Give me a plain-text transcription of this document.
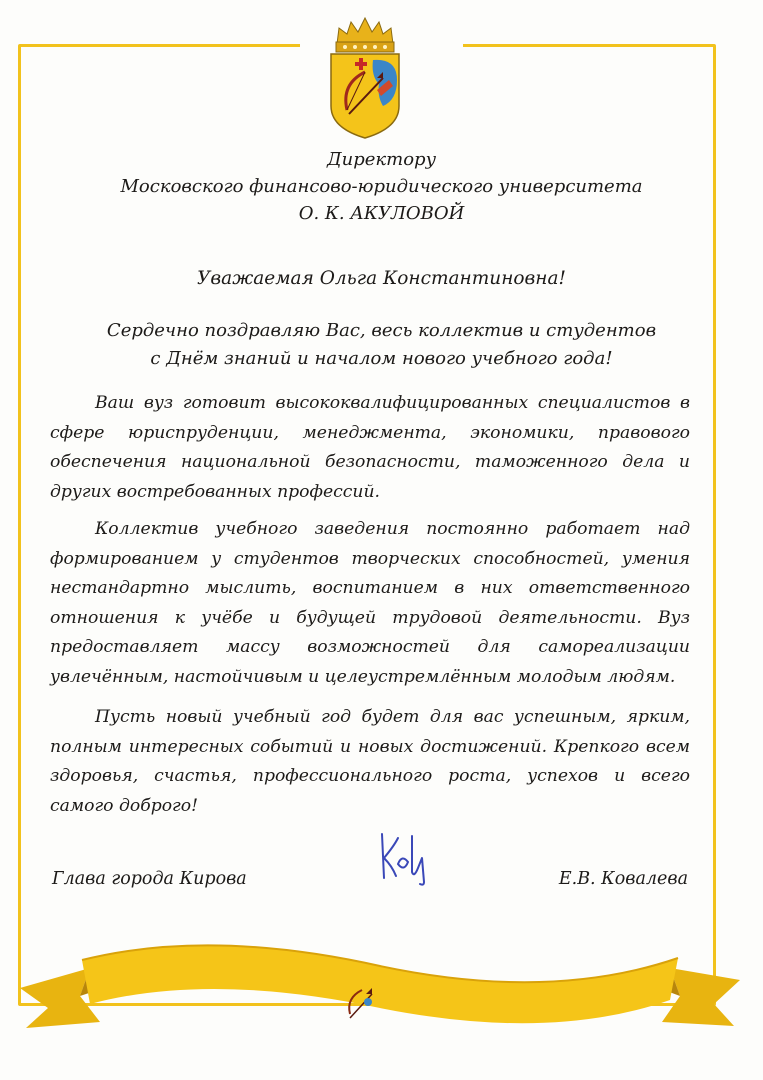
Директору
Московского финансово-юридического университета
О. К. АКУЛОВОЙ
Уважаемая Ольга Константиновна!
Сердечно поздравляю Вас, весь коллектив и студентов
с Днём знаний и началом нового учебного года!
Ваш вуз готовит высококвалифицированных специалистов в сфере юриспруденции, менеджмента, экономики, правового обеспечения национальной безопасности, таможенного дела и других востребованных профессий.
Коллектив учебного заведения постоянно работает над формированием у студентов творческих способностей, умения нестандартно мыслить, воспитанием в них ответственного отношения к учёбе и будущей трудовой деятельности. Вуз предоставляет массу возможностей для самореализации увлечённым, настойчивым и целеустремлённым молодым людям.
Пусть новый учебный год будет для вас успешным, ярким, полным интересных событий и новых достижений. Крепкого всем здоровья, счастья, профессионального роста, успехов и всего самого доброго!
Глава города Кирова	Е.В. Ковалева
